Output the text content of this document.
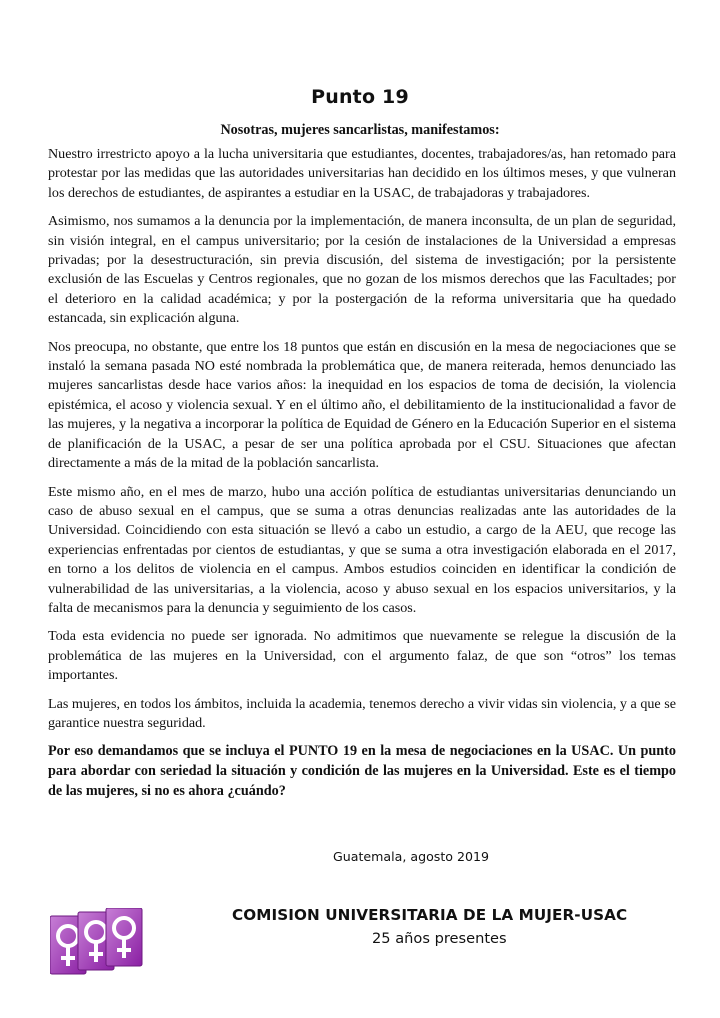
Punto 19
Nosotras, mujeres sancarlistas, manifestamos:

Nuestro irrestricto apoyo a la lucha universitaria que estudiantes, docentes, trabajadores/as, han retomado para protestar por las medidas que las autoridades universitarias han decidido en los últimos meses, y que vulneran los derechos de estudiantes, de aspirantes a estudiar en la USAC, de trabajadoras y trabajadores.

Asimismo, nos sumamos a la denuncia por la implementación, de manera inconsulta, de un plan de seguridad, sin visión integral, en el campus universitario; por la cesión de instalaciones de la Universidad a empresas privadas; por la desestructuración, sin previa discusión, del sistema de investigación; por la persistente exclusión de las Escuelas y Centros regionales, que no gozan de los mismos derechos que las Facultades; por el deterioro en la calidad académica; y por la postergación de la reforma universitaria que ha quedado estancada, sin explicación alguna.

Nos preocupa, no obstante, que entre los 18 puntos que están en discusión en la mesa de negociaciones que se instaló la semana pasada NO esté nombrada la problemática que, de manera reiterada, hemos denunciado las mujeres sancarlistas desde hace varios años: la inequidad en los espacios de toma de decisión, la violencia epistémica, el acoso y violencia sexual. Y en el último año, el debilitamiento de la institucionalidad a favor de las mujeres, y la negativa a incorporar la política de Equidad de Género en la Educación Superior en el sistema de planificación de la USAC, a pesar de ser una política aprobada por el CSU. Situaciones que afectan directamente a más de la mitad de la población sancarlista.

Este mismo año, en el mes de marzo, hubo una acción política de estudiantas universitarias denunciando un caso de abuso sexual en el campus, que se suma a otras denuncias realizadas ante las autoridades de la Universidad. Coincidiendo con esta situación se llevó a cabo un estudio, a cargo de la AEU, que recoge las experiencias enfrentadas por cientos de estudiantas, y que se suma a otra investigación elaborada en el 2017, en torno a los delitos de violencia en el campus. Ambos estudios coinciden en identificar la condición de vulnerabilidad de las universitarias, a la violencia, acoso y abuso sexual en los espacios universitarios, y la falta de mecanismos para la denuncia y seguimiento de los casos.

Toda esta evidencia no puede ser ignorada. No admitimos que nuevamente se relegue la discusión de la problemática de las mujeres en la Universidad, con el argumento falaz, de que son “otros” los temas importantes.

Las mujeres, en todos los ámbitos, incluida la academia, tenemos derecho a vivir vidas sin violencia, y a que se garantice nuestra seguridad.

Por eso demandamos que se incluya el PUNTO 19 en la mesa de negociaciones en la USAC. Un punto para abordar con seriedad la situación y condición de las mujeres en la Universidad. Este es el tiempo de las mujeres, si no es ahora ¿cuándo?

Guatemala, agosto 2019
COMISION UNIVERSITARIA DE LA MUJER-USAC
25 años presentes
